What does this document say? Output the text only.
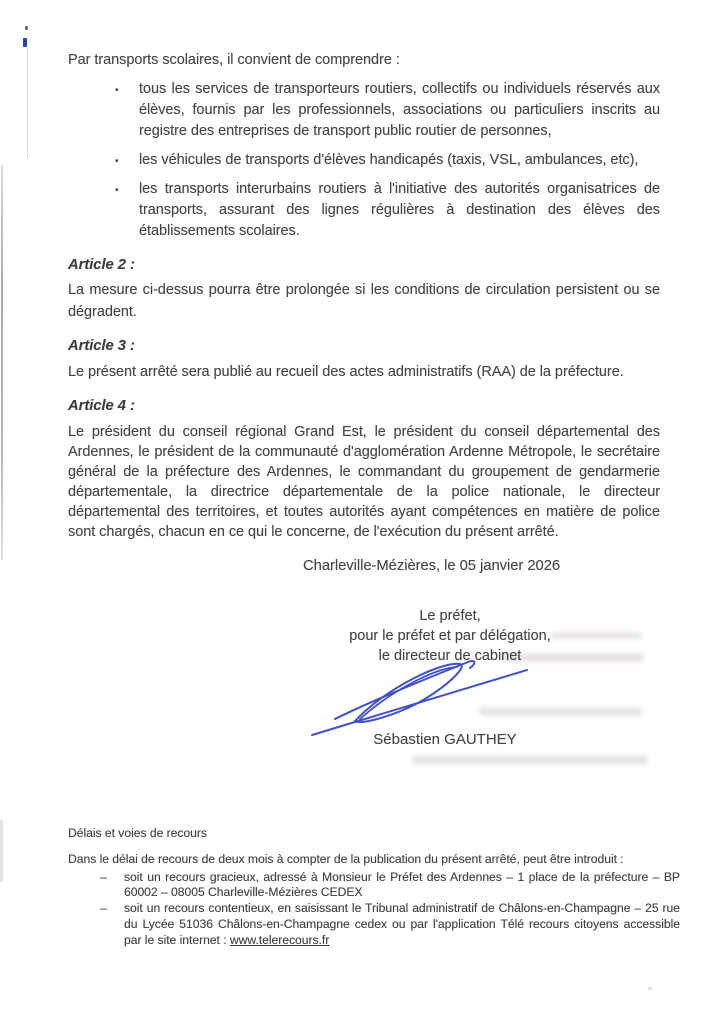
Par transports scolaires, il convient de comprendre :

• tous les services de transporteurs routiers, collectifs ou individuels réservés aux élèves, fournis par les professionnels, associations ou particuliers inscrits au registre des entreprises de transport public routier de personnes,
• les véhicules de transports d'élèves handicapés (taxis, VSL, ambulances, etc),
• les transports interurbains routiers à l'initiative des autorités organisatrices de transports, assurant des lignes régulières à destination des élèves des établissements scolaires.

Article 2 :

La mesure ci-dessus pourra être prolongée si les conditions de circulation persistent ou se dégradent.

Article 3 :

Le présent arrêté sera publié au recueil des actes administratifs (RAA) de la préfecture.

Article 4 :

Le président du conseil régional Grand Est, le président du conseil départemental des Ardennes, le président de la communauté d'agglomération Ardenne Métropole, le secrétaire général de la préfecture des Ardennes, le commandant du groupement de gendarmerie départementale, la directrice départementale de la police nationale, le directeur départemental des territoires, et toutes autorités ayant compétences en matière de police sont chargés, chacun en ce qui le concerne, de l'exécution du présent arrêté.

Charleville-Mézières, le 05 janvier 2026

Le préfet,
pour le préfet et par délégation,
le directeur de cabinet
Sébastien GAUTHEY

Délais et voies de recours

Dans le délai de recours de deux mois à compter de la publication du présent arrêté, peut être introduit :

– soit un recours gracieux, adressé à Monsieur le Préfet des Ardennes – 1 place de la préfecture – BP 60002 – 08005 Charleville-Mézières CEDEX

– soit un recours contentieux, en saisissant le Tribunal administratif de Châlons-en-Champagne – 25 rue du Lycée 51036 Châlons-en-Champagne cedex ou par l'application Télé recours citoyens accessible par le site internet : www.telerecours.fr
